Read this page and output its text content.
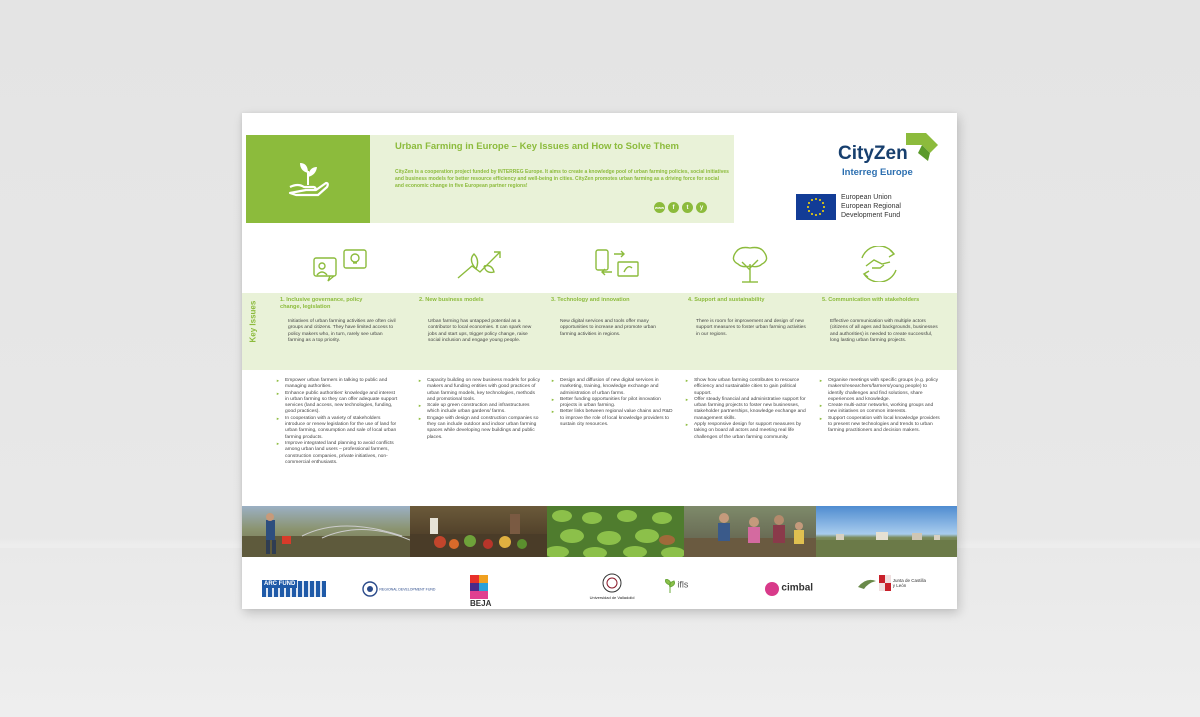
Urban Farming in Europe – Key Issues and How to Solve Them
CityZen is a cooperation project funded by INTERREG Europe. It aims to create a knowledge pool of urban farming policies, social initiatives and business models for better resource efficiency and well-being in cities. CityZen promotes urban farming as a driving force for social and economic change in five European partner regions!
www	f	t	y
CityZen
Interreg Europe
European Union
European Regional
Development Fund
Key Issues
1. Inclusive governance, policy change, legislation
Initiatives of urban farming activities are often civil groups and citizens. They have limited access to policy makers who, in turn, rarely see urban farming as a top priority.
► Empower urban farmers in talking to public and managing authorities.
► Enhance public authorities' knowledge and interest in urban farming so they can offer adequate support services (land access, new technologies, funding, good practices).
► In cooperation with a variety of stakeholders introduce or renew legislation for the use of land for urban farming, consumption and sale of local urban farming products.
► Improve integrated land planning to avoid conflicts among urban land users – professional farmers, construction companies, private initiatives, non-commercial enthusiasts.
2. New business models
Urban farming has untapped potential as a contributor to local economies. It can spark new jobs and start ups, trigger policy change, raise social inclusion and engage young people.
► Capacity building on new business models for policy makers and funding entities with good practices of urban farming models, key technologies, methods and promotional tools.
► Scale up green construction and infrastructures which include urban gardens/ farms.
► Engage with design and construction companies so they can include outdoor and indoor urban farming spaces while developing new buildings and public places.
3. Technology and innovation
New digital services and tools offer many opportunities to increase and promote urban farming activities in regions.
► Design and diffusion of new digital services in marketing, training, knowledge exchange and administration of urban farms.
► Better funding opportunities for pilot innovation projects in urban farming.
► Better links between regional value chains and R&D to improve the role of local knowledge providers to sustain city resources.
4. Support and sustainability
There is room for improvement and design of new support measures to foster urban farming activities in our regions.
► Show how urban farming contributes to resource efficiency and sustainable cities to gain political support.
► Offer steady financial and administrative support for urban farming projects to foster new businesses, stakeholder partnerships, knowledge exchange and management skills.
► Apply responsive design for support measures by taking on board all actors and meeting real life challenges of the urban farming community.
5. Communication with stakeholders
Effective communication with multiple actors (citizens of all ages and backgrounds, businesses and authorities) is needed to create successful, long lasting urban farming projects.
► Organise meetings with specific groups (e.g. policy makers/researchers/farmers/young people) to identify challenges and find solutions, share experiences and knowledge.
► Create multi-actor networks, working groups and new initiatives on common interests.
► Support cooperation with local knowledge providers to present new technologies and trends to urban farming practitioners and decision makers.
ARC FUND
REGIONAL DEVELOPMENT FUND
BEJA
Universidad de Valladolid
ifls	cimbal
Junta de Castilla y León
